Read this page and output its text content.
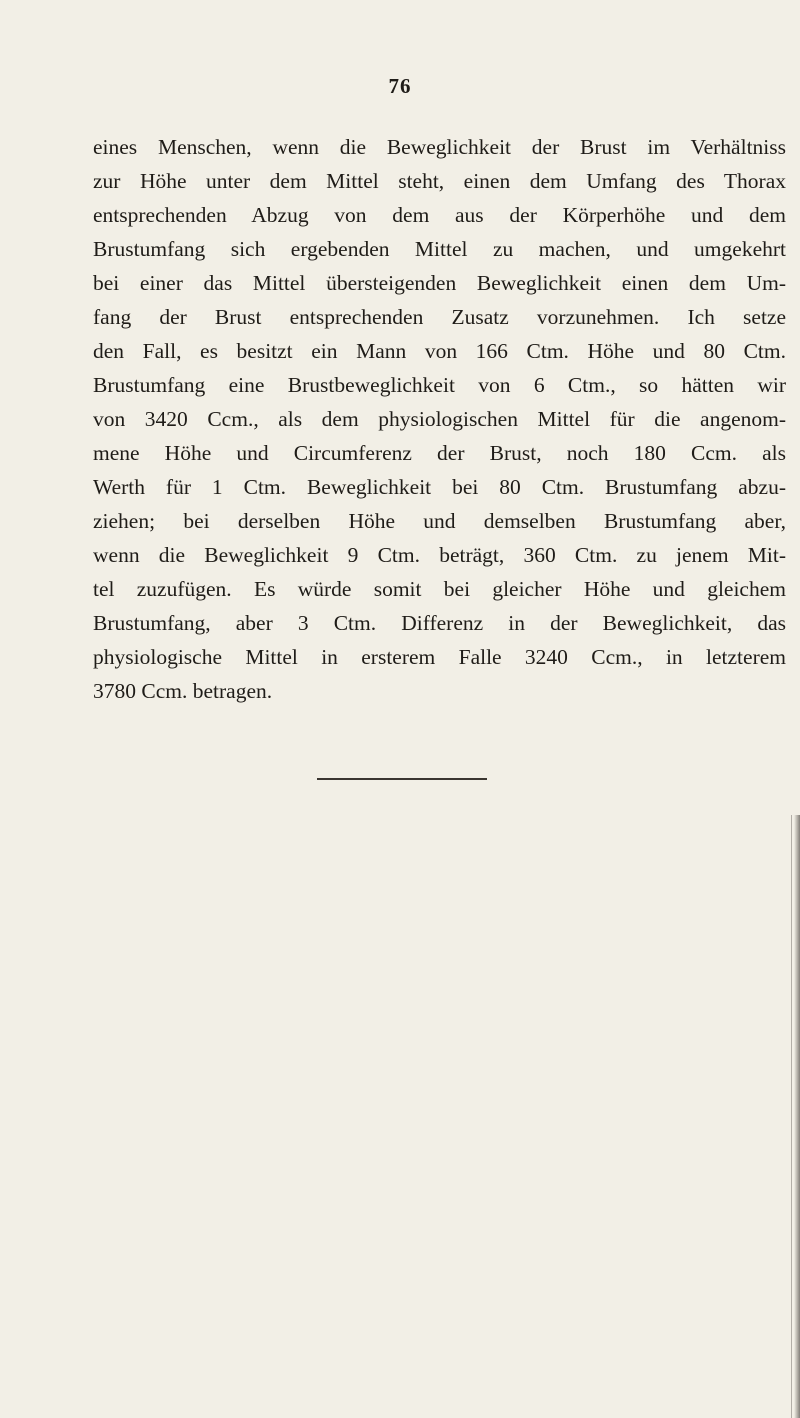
76

eines Menschen, wenn die Beweglichkeit der Brust im Verhältniss
zur Höhe unter dem Mittel steht, einen dem Umfang des Thorax
entsprechenden Abzug von dem aus der Körperhöhe und dem
Brustumfang sich ergebenden Mittel zu machen, und umgekehrt
bei einer das Mittel übersteigenden Beweglichkeit einen dem Um-
fang der Brust entsprechenden Zusatz vorzunehmen. Ich setze
den Fall, es besitzt ein Mann von 166 Ctm. Höhe und 80 Ctm.
Brustumfang eine Brustbeweglichkeit von 6 Ctm., so hätten wir
von 3420 Ccm., als dem physiologischen Mittel für die angenom-
mene Höhe und Circumferenz der Brust, noch 180 Ccm. als
Werth für 1 Ctm. Beweglichkeit bei 80 Ctm. Brustumfang abzu-
ziehen; bei derselben Höhe und demselben Brustumfang aber,
wenn die Beweglichkeit 9 Ctm. beträgt, 360 Ctm. zu jenem Mit-
tel zuzufügen. Es würde somit bei gleicher Höhe und gleichem
Brustumfang, aber 3 Ctm. Differenz in der Beweglichkeit, das
physiologische Mittel in ersterem Falle 3240 Ccm., in letzterem
3780 Ccm. betragen.
